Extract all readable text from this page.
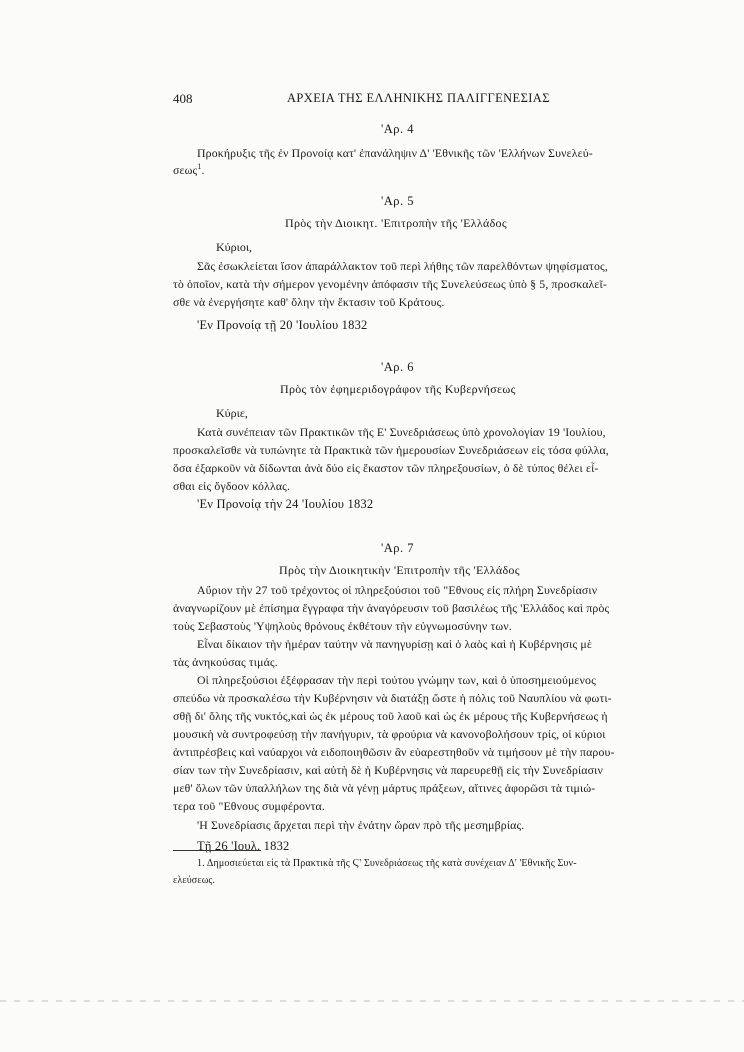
408	ΑΡΧΕΙΑ ΤΗΣ ΕΛΛΗΝΙΚΗΣ ΠΑΛΙΓΓΕΝΕΣΙΑΣ
'Αρ. 4
Προκήρυξις τῆς ἐν Προνοίᾳ κατ' ἐπανάληψιν Δ' 'Εθνικῆς τῶν 'Ελλήνων Συνελεύ-
σεως$^1$.
'Αρ. 5
Πρὸς τὴν Διοικητ. 'Επιτροπὴν τῆς 'Ελλάδος
Κύριοι,
Σᾶς ἐσωκλείεται ἴσον ἀπαράλλακτον τοῦ περὶ λήθης τῶν παρελθόντων ψηφίσματος,
τὸ ὁποῖον, κατὰ τὴν σήμερον γενομένην ἀπόφασιν τῆς Συνελεύσεως ὑπὸ § 5, προσκαλεῖ-
σθε νὰ ἐνεργήσητε καθ' ὅλην τὴν ἔκτασιν τοῦ Κράτους.
'Εν Προνοίᾳ τῇ 20 'Ιουλίου 1832
'Αρ. 6
Πρὸς τὸν ἐφημεριδογράφον τῆς Κυβερνήσεως
Κύριε,
Κατὰ συνέπειαν τῶν Πρακτικῶν τῆς Ε' Συνεδριάσεως ὑπὸ χρονολογίαν 19 'Ιουλίου,
προσκαλεῖσθε νὰ τυπώνητε τὰ Πρακτικὰ τῶν ἡμερουσίων Συνεδριάσεων εἰς τόσα φύλλα,
ὅσα ἐξαρκοῦν νὰ δίδωνται ἀνὰ δύο εἰς ἕκαστον τῶν πληρεξουσίων, ὁ δὲ τύπος θέλει εἶ-
σθαι εἰς ὄγδοον κόλλας.
'Εν Προνοίᾳ τὴν 24 'Ιουλίου 1832
'Αρ. 7
Πρὸς τὴν Διοικητικὴν 'Επιτροπὴν τῆς 'Ελλάδος
Αὔριον τὴν 27 τοῦ τρέχοντος οἱ πληρεξούσιοι τοῦ "Εθνους εἰς πλήρη Συνεδρίασιν
ἀναγνωρίζουν μὲ ἐπίσημα ἔγγραφα τὴν ἀναγόρευσιν τοῦ βασιλέως τῆς 'Ελλάδος καὶ πρὸς
τοὺς Σεβαστοὺς 'Υψηλοὺς θρόνους ἐκθέτουν τὴν εὐγνωμοσύνην των.
Εἶναι δίκαιον τὴν ἡμέραν ταύτην νὰ πανηγυρίσῃ καὶ ὁ λαὸς καὶ ἡ Κυβέρνησις μὲ
τὰς ἀνηκούσας τιμάς.
Οἱ πληρεξούσιοι ἐξέφρασαν τὴν περὶ τούτου γνώμην των, καὶ ὁ ὑποσημειούμενος
σπεύδω νὰ προσκαλέσω τὴν Κυβέρνησιν νὰ διατάξῃ ὥστε ἡ πόλις τοῦ Ναυπλίου νὰ φωτι-
σθῇ δι' ὅλης τῆς νυκτός,καὶ ὡς ἐκ μέρους τοῦ λαοῦ καὶ ὡς ἐκ μέρους τῆς Κυβερνήσεως ἡ
μουσικὴ νὰ συντροφεύσῃ τὴν πανήγυριν, τὰ φρούρια νὰ κανονοβολήσουν τρίς, οἱ κύριοι
ἀντιπρέσβεις καὶ ναύαρχοι νὰ ειδοποιηθῶσιν ἂν εὐαρεστηθοῦν νὰ τιμήσουν μὲ τὴν παρου-
σίαν των τὴν Συνεδρίασιν, καὶ αὐτὴ δὲ ἡ Κυβέρνησις νὰ παρευρεθῇ εἰς τὴν Συνεδρίασιν
μεθ' ὅλων τῶν ὑπαλλήλων της διὰ νὰ γένῃ μάρτυς πράξεων, αἵτινες ἀφορῶσι τὰ τιμιώ-
τερα τοῦ "Εθνους συμφέροντα.
'Η Συνεδρίασις ἄρχεται περὶ τὴν ἐνάτην ὥραν πρὸ τῆς μεσημβρίας.
Τῇ 26 'Ιουλ. 1832
1. Δημοσιεύεται εἰς τὰ Πρακτικὰ τῆς Ϛ' Συνεδριάσεως τῆς κατὰ συνέχειαν Δ' 'Εθνικῆς Συν-
ελεύσεως.
